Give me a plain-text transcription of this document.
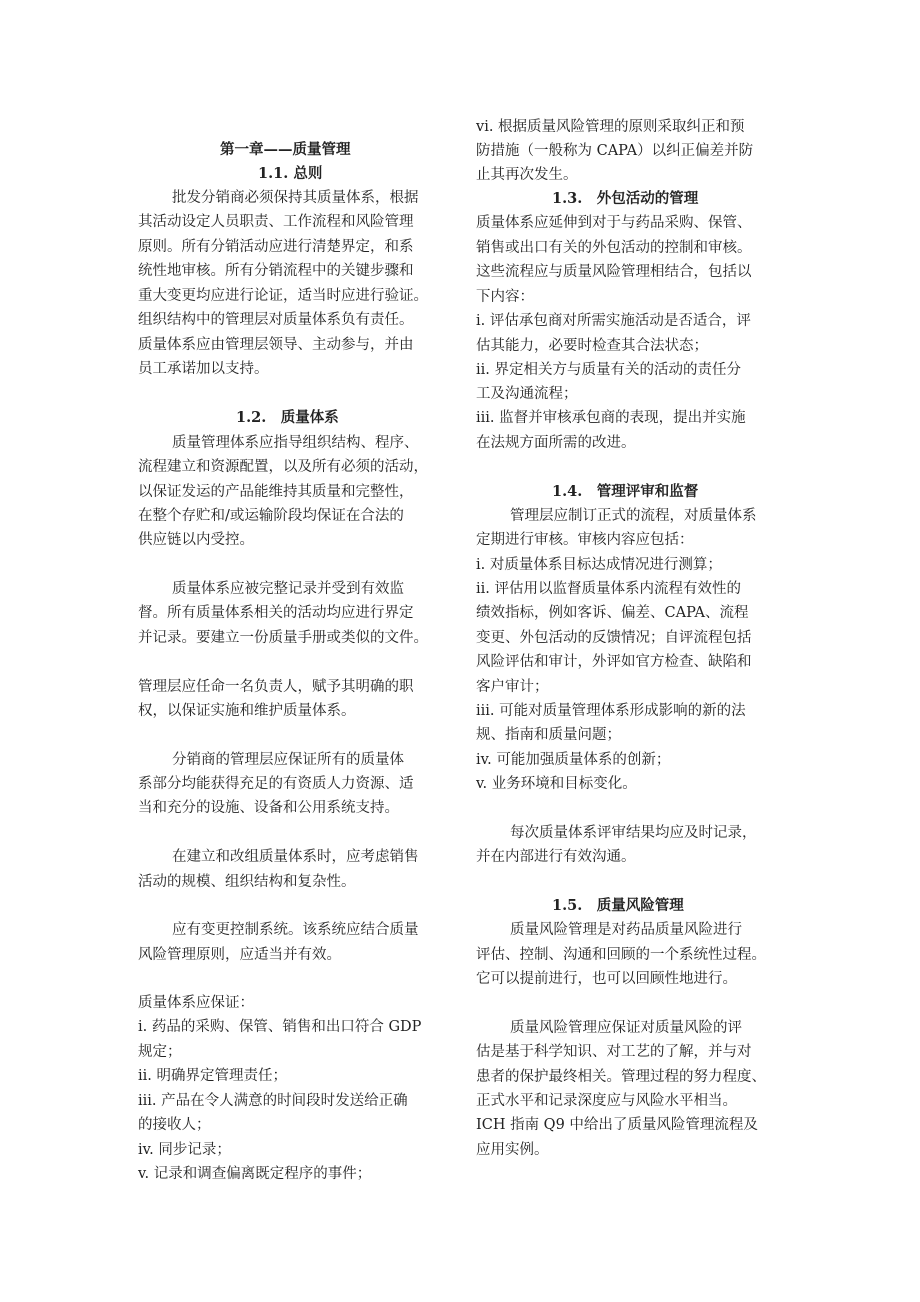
第一章——质量管理
1.1. 总则
批发分销商必须保持其质量体系，根据
其活动设定人员职责、工作流程和风险管理
原则。所有分销活动应进行清楚界定，和系
统性地审核。所有分销流程中的关键步骤和
重大变更均应进行论证，适当时应进行验证。
组织结构中的管理层对质量体系负有责任。
质量体系应由管理层领导、主动参与，并由
员工承诺加以支持。
1.2.　质量体系
质量管理体系应指导组织结构、程序、
流程建立和资源配置，以及所有必须的活动，
以保证发运的产品能维持其质量和完整性，
在整个存贮和/或运输阶段均保证在合法的
供应链以内受控。
质量体系应被完整记录并受到有效监
督。所有质量体系相关的活动均应进行界定
并记录。要建立一份质量手册或类似的文件。
管理层应任命一名负责人，赋予其明确的职
权，以保证实施和维护质量体系。
分销商的管理层应保证所有的质量体
系部分均能获得充足的有资质人力资源、适
当和充分的设施、设备和公用系统支持。
在建立和改组质量体系时，应考虑销售
活动的规模、组织结构和复杂性。
应有变更控制系统。该系统应结合质量
风险管理原则，应适当并有效。
质量体系应保证：
i. 药品的采购、保管、销售和出口符合 GDP
规定；
ii. 明确界定管理责任；
iii. 产品在令人满意的时间段时发送给正确
的接收人；
iv. 同步记录；
v. 记录和调查偏离既定程序的事件；
vi. 根据质量风险管理的原则采取纠正和预
防措施（一般称为 CAPA）以纠正偏差并防
止其再次发生。
1.3.　外包活动的管理
质量体系应延伸到对于与药品采购、保管、
销售或出口有关的外包活动的控制和审核。
这些流程应与质量风险管理相结合，包括以
下内容：
i. 评估承包商对所需实施活动是否适合，评
估其能力，必要时检查其合法状态；
ii. 界定相关方与质量有关的活动的责任分
工及沟通流程；
iii. 监督并审核承包商的表现，提出并实施
在法规方面所需的改进。
1.4.　管理评审和监督
管理层应制订正式的流程，对质量体系
定期进行审核。审核内容应包括：
i. 对质量体系目标达成情况进行测算；
ii. 评估用以监督质量体系内流程有效性的
绩效指标，例如客诉、偏差、CAPA、流程
变更、外包活动的反馈情况；自评流程包括
风险评估和审计，外评如官方检查、缺陷和
客户审计；
iii. 可能对质量管理体系形成影响的新的法
规、指南和质量问题；
iv. 可能加强质量体系的创新；
v. 业务环境和目标变化。
每次质量体系评审结果均应及时记录，
并在内部进行有效沟通。
1.5.　质量风险管理
质量风险管理是对药品质量风险进行
评估、控制、沟通和回顾的一个系统性过程。
它可以提前进行，也可以回顾性地进行。
质量风险管理应保证对质量风险的评
估是基于科学知识、对工艺的了解，并与对
患者的保护最终相关。管理过程的努力程度、
正式水平和记录深度应与风险水平相当。
ICH 指南 Q9 中给出了质量风险管理流程及
应用实例。
